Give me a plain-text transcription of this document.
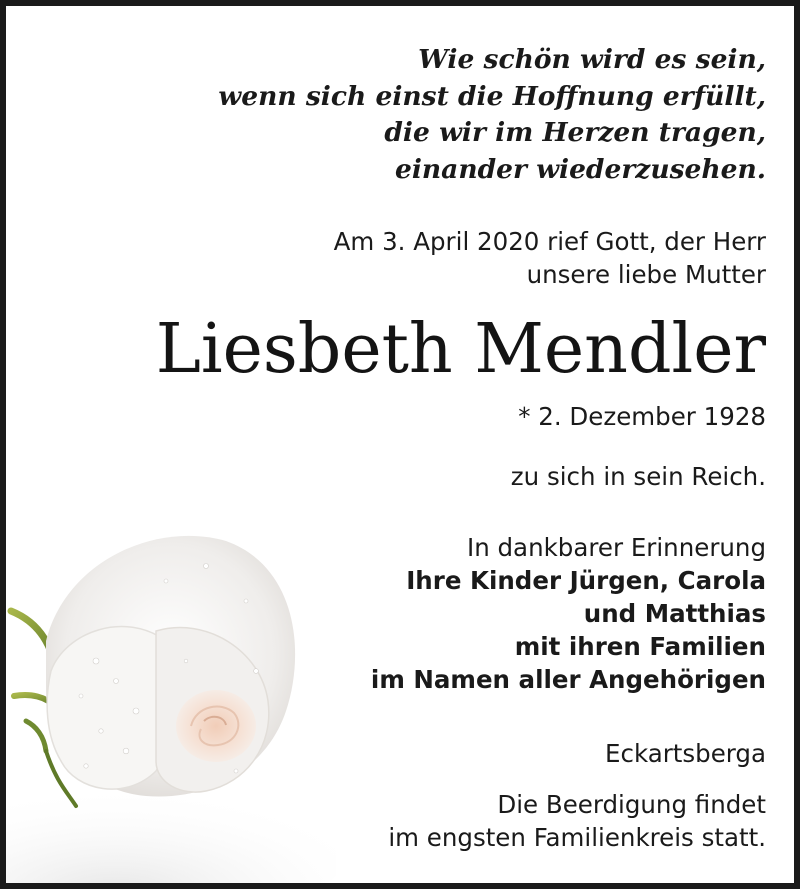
Wie schön wird es sein,
wenn sich einst die Hoffnung erfüllt,
die wir im Herzen tragen,
einander wiederzusehen.
Am 3. April 2020 rief Gott, der Herr
unsere liebe Mutter
Liesbeth Mendler
* 2. Dezember 1928
zu sich in sein Reich.
In dankbarer Erinnerung
Ihre Kinder Jürgen, Carola
und Matthias
mit ihren Familien
im Namen aller Angehörigen
Eckartsberga
Die Beerdigung findet
im engsten Familienkreis statt.
